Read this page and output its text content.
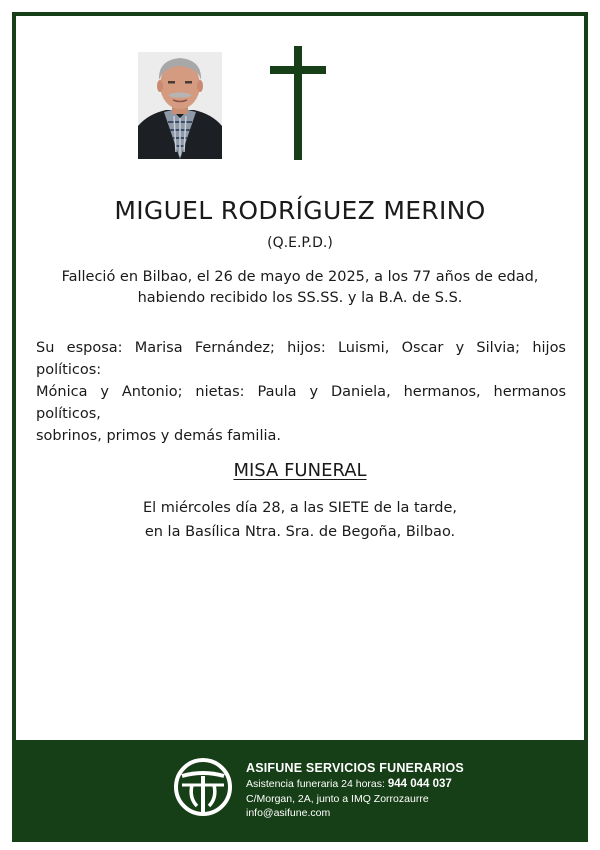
MIGUEL RODRÍGUEZ MERINO
(Q.E.P.D.)
Falleció en Bilbao, el 26 de mayo de 2025, a los 77 años de edad,
habiendo recibido los SS.SS. y la B.A. de S.S.
Su esposa: Marisa Fernández; hijos: Luismi, Oscar y Silvia; hijos políticos:
Mónica y Antonio; nietas: Paula y Daniela, hermanos, hermanos políticos,
sobrinos, primos y demás familia.
MISA FUNERAL
El miércoles día 28, a las SIETE de la tarde,
en la Basílica Ntra. Sra. de Begoña, Bilbao.
ASIFUNE SERVICIOS FUNERARIOS
Asistencia funeraria 24 horas: 944 044 037
C/Morgan, 2A, junto a IMQ Zorrozaurre
info@asifune.com
